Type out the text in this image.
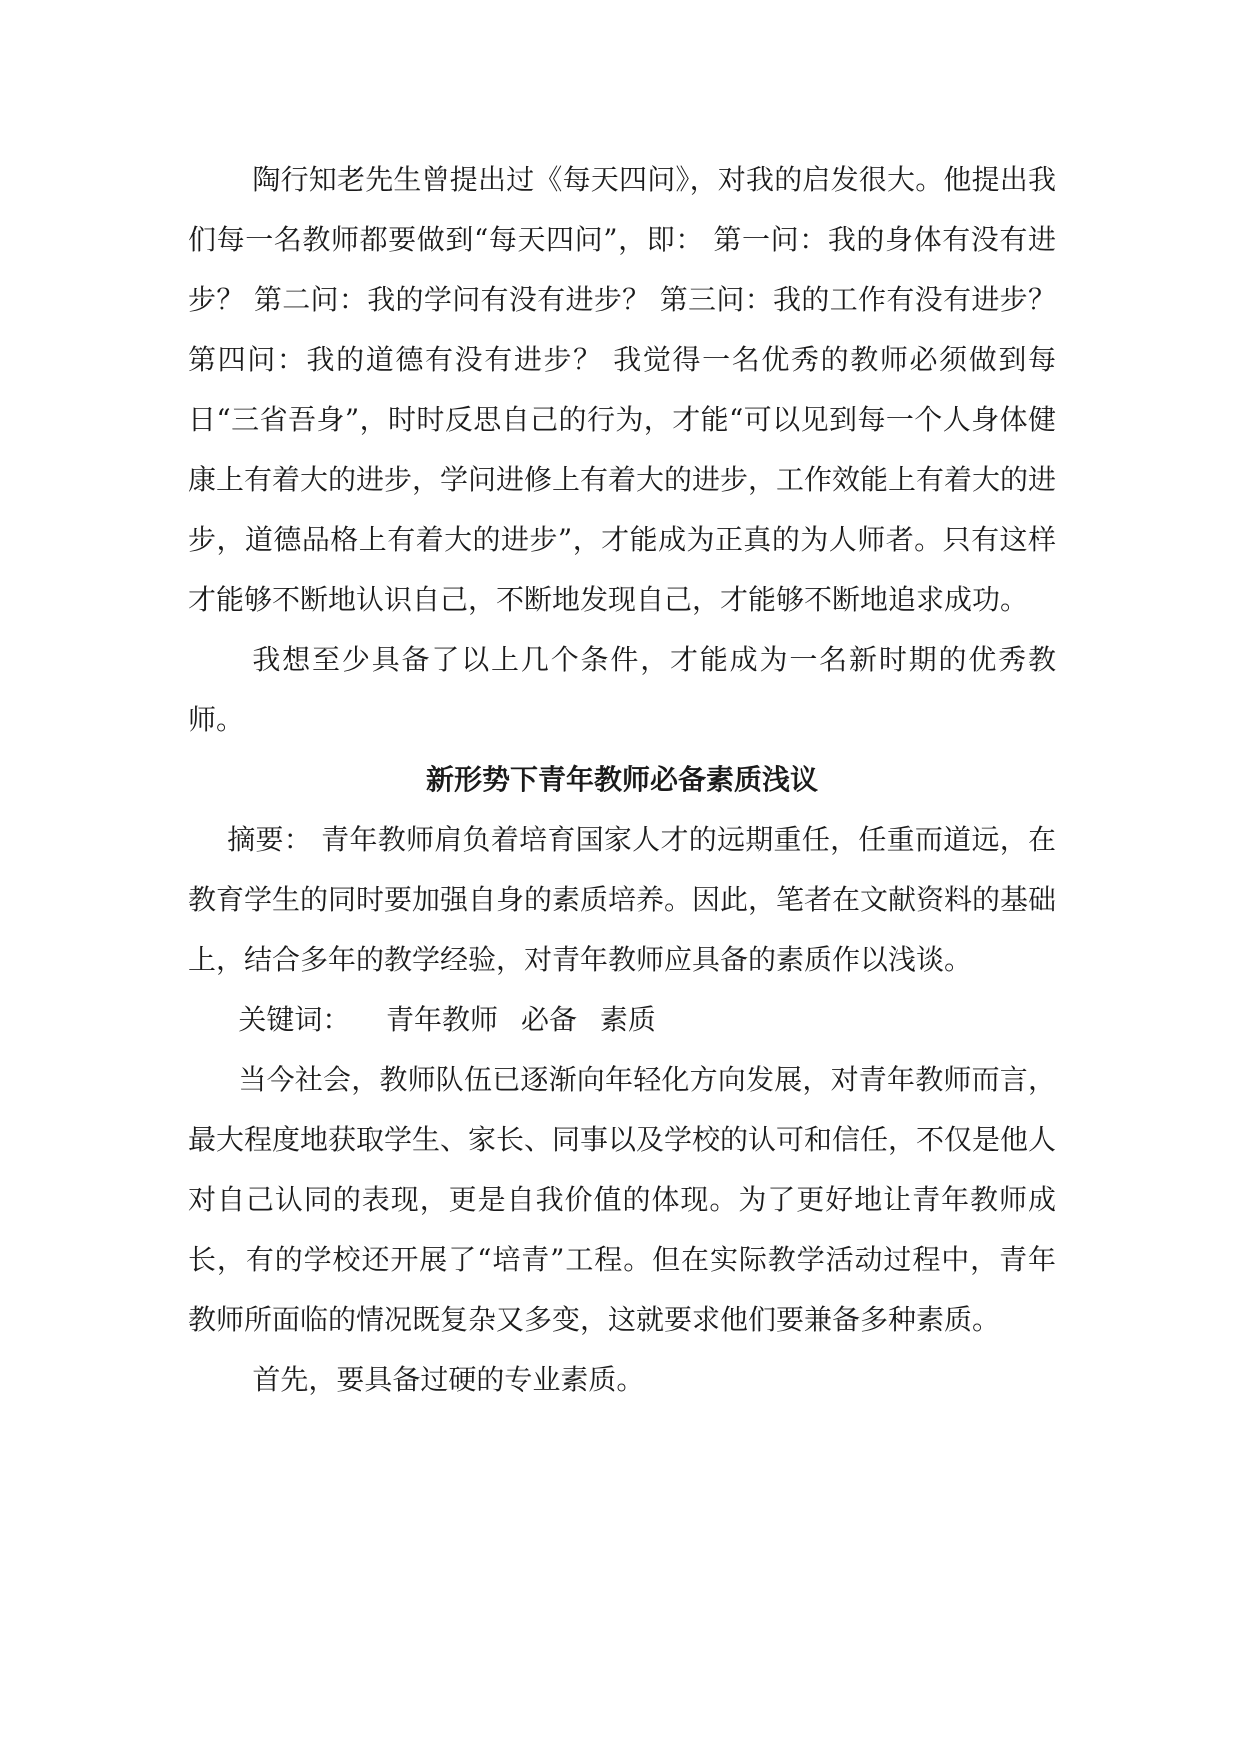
陶行知老先生曾提出过《每天四问》，对我的启发很大。他提出我们每一名教师都要做到“每天四问”，即： 第一问：我的身体有没有进步？ 第二问：我的学问有没有进步？ 第三问：我的工作有没有进步？ 第四问：我的道德有没有进步？ 我觉得一名优秀的教师必须做到每日“三省吾身”，时时反思自己的行为，才能“可以见到每一个人身体健康上有着大的进步，学问进修上有着大的进步，工作效能上有着大的进步，道德品格上有着大的进步”，才能成为正真的为人师者。只有这样才能够不断地认识自己，不断地发现自己，才能够不断地追求成功。

我想至少具备了以上几个条件，才能成为一名新时期的优秀教师。

新形势下青年教师必备素质浅议

摘要： 青年教师肩负着培育国家人才的远期重任，任重而道远，在教育学生的同时要加强自身的素质培养。因此，笔者在文献资料的基础上，结合多年的教学经验，对青年教师应具备的素质作以浅谈。

关键词： 青年教师 必备 素质

当今社会，教师队伍已逐渐向年轻化方向发展，对青年教师而言，最大程度地获取学生、家长、同事以及学校的认可和信任，不仅是他人对自己认同的表现，更是自我价值的体现。为了更好地让青年教师成长，有的学校还开展了“培青”工程。但在实际教学活动过程中，青年教师所面临的情况既复杂又多变，这就要求他们要兼备多种素质。

首先，要具备过硬的专业素质。
